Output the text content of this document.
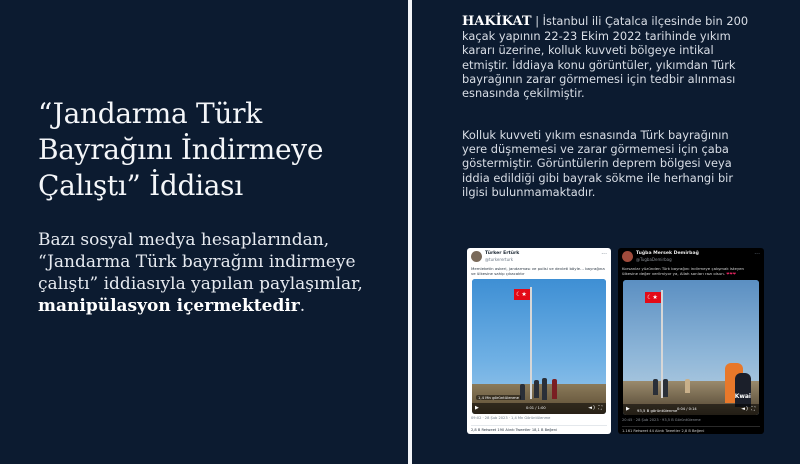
“Jandarma Türk Bayrağını İndirmeye Çalıştı” İddiası

Bazı sosyal medya hesaplarından, “Jandarma Türk bayrağını indirmeye çalıştı” iddiasıyla yapılan paylaşımlar, manipülasyon içermektedir.

HAKİKAT | İstanbul ili Çatalca ilçesinde bin 200 kaçak yapının 22-23 Ekim 2022 tarihinde yıkım kararı üzerine, kolluk kuvveti bölgeye intikal etmiştir. İddiaya konu görüntüler, yıkımdan Türk bayrağının zarar görmemesi için tedbir alınması esnasında çekilmiştir.

Kolluk kuvveti yıkım esnasında Türk bayrağının yere düşmemesi ve zarar görmemesi için çaba göstermiştir. Görüntülerin deprem bölgesi veya iddia edildiği gibi bayrak sökme ile herhangi bir ilgisi bulunmamaktadır.

Türker Ertürk
@turkererturk
···
Memleketin askeri, jandarması ve polisi ve devleti böyle… bayrağına ve ülkesine sahip çıkacaktır
☾★
1,4 Mn görüntülenme
▶	0:01 / 1:00	◄) ⛶
09:02 · 28 Şub 2023 · 1,4 Mn Görüntülenme
2,8 B Retweet 190 Alıntı Tweetler 18,1 B Beğeni
Tuğba Mersek Demirbağ
@TugbaDemirbag
···
Korsanlar yüzünden Türk bayrağını indirmeye çalışmak isteyen ülkesine değer verilmiyor ya, Allah sonları razı olsun. ❤❤❤
☾★
Kwai
▶	0:04 / 0:14	◄) ⛶
93,5 B görüntülenme
20:45 · 28 Şub 2023 · 93,5 B Görüntülenme
1.161 Retweet 44 Alıntı Tweetler 2,8 B Beğeni
